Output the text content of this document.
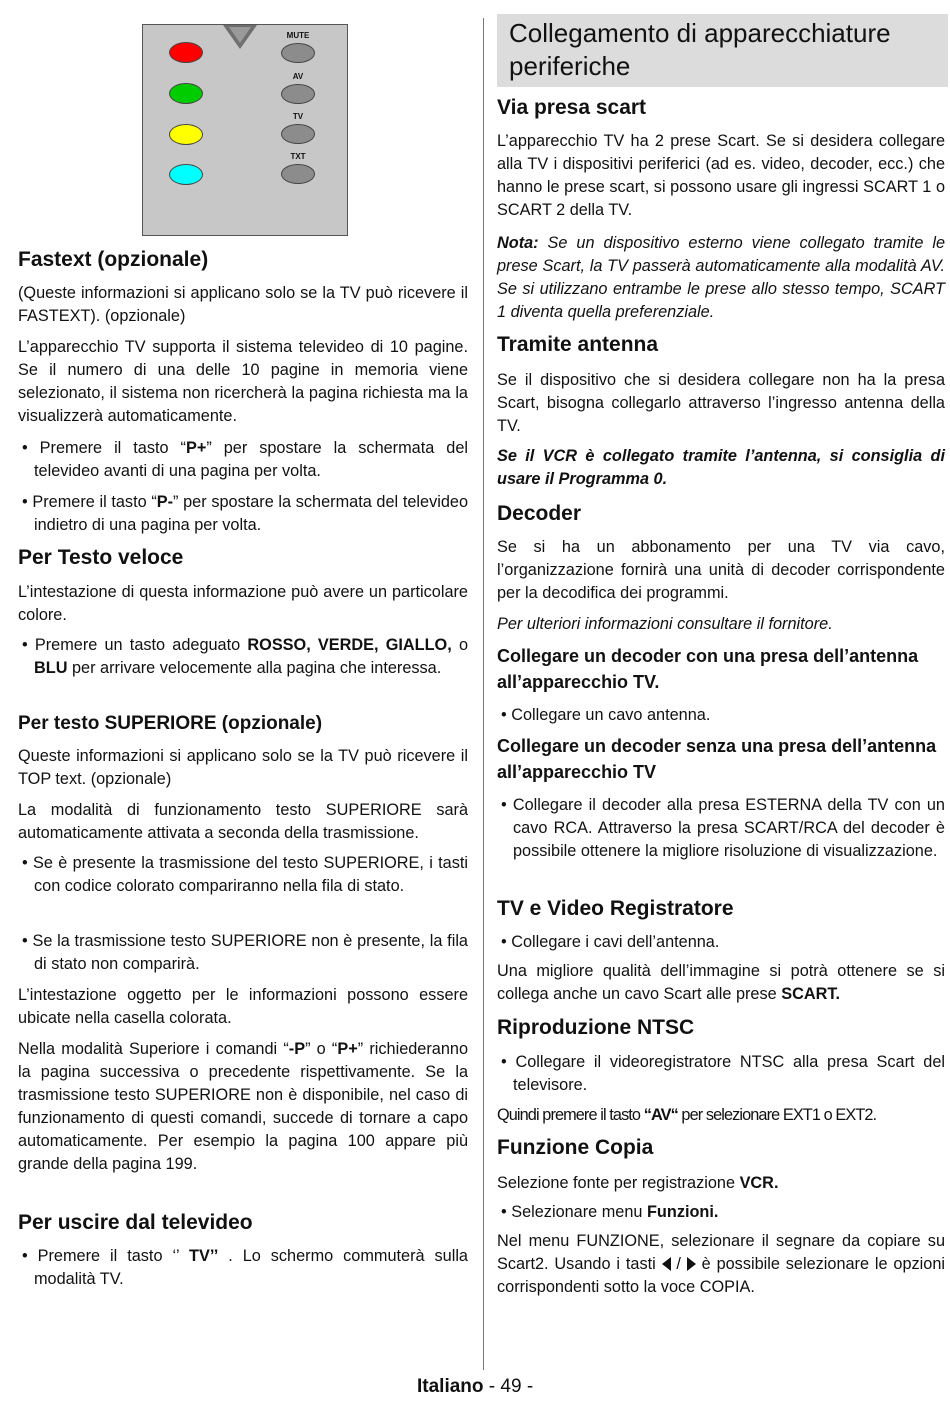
MUTE
AV
TV
TXT
Fastext (opzionale)
(Queste informazioni si applicano solo se la TV può ricevere il FASTEXT). (opzionale)
L’apparecchio TV supporta il sistema televideo di 10 pagine. Se il numero di una delle 10 pagine in memoria viene selezionato, il sistema non ricercherà la pagina richiesta ma la visualizzerà automaticamente.
• Premere il tasto “P+” per spostare la schermata del televideo avanti di una pagina per volta.
• Premere il tasto “P-” per spostare la schermata del televideo indietro di una pagina per volta.
Per Testo veloce
L’intestazione di questa informazione può avere un particolare colore.
• Premere un tasto adeguato ROSSO, VERDE, GIALLO, o BLU per arrivare velocemente alla pagina che interessa.
Per testo SUPERIORE (opzionale)
Queste informazioni si applicano solo se la TV può ricevere il TOP text. (opzionale)
La modalità di funzionamento testo SUPERIORE sarà automaticamente attivata a seconda della trasmissione.
• Se è presente la trasmissione del testo SUPERIORE, i tasti con codice colorato compariranno nella fila di stato.
• Se la trasmissione testo SUPERIORE non è presente, la fila di stato non comparirà.
L’intestazione oggetto per le informazioni possono essere ubicate nella casella colorata.
Nella modalità Superiore i comandi “-P” o “P+” richiederanno la pagina successiva o precedente rispettivamente. Se la trasmissione testo SUPERIORE non è disponibile, nel caso di funzionamento di questi comandi, succede di tornare a capo automaticamente. Per esempio la pagina 100 appare più grande della pagina 199.
Per uscire dal televideo
• Premere il tasto ‘’ TV’’ . Lo schermo commuterà sulla modalità TV.
Collegamento di apparecchiature periferiche
Via presa scart
L’apparecchio TV ha 2 prese Scart. Se si desidera collegare alla TV i dispositivi periferici (ad es. video, decoder, ecc.) che hanno le prese scart, si possono usare gli ingressi SCART 1 o SCART 2 della TV.
Nota: Se un dispositivo esterno viene collegato tramite le prese Scart, la TV passerà automaticamente alla modalità AV. Se si utilizzano entrambe le prese allo stesso tempo, SCART 1 diventa quella preferenziale.
Tramite antenna
Se il dispositivo che si desidera collegare non ha la presa Scart, bisogna collegarlo attraverso l’ingresso antenna della TV.
Se il VCR è collegato tramite l’antenna, si consiglia di usare il Programma 0.
Decoder
Se si ha un abbonamento per una TV via cavo, l’organizzazione fornirà una unità di decoder corrispondente per la decodifica dei programmi.
Per ulteriori informazioni consultare il fornitore.
Collegare un decoder con una presa dell’antenna all’apparecchio TV.
• Collegare un cavo antenna.
Collegare un decoder senza una presa dell’antenna all’apparecchio TV
• Collegare il decoder alla presa ESTERNA della TV con un cavo RCA. Attraverso la presa SCART/RCA del decoder è possibile ottenere la migliore risoluzione di visualizzazione.
TV e Video Registratore
• Collegare i cavi dell’antenna.
Una migliore qualità dell’immagine si potrà ottenere se si collega anche un cavo Scart alle prese SCART.
Riproduzione NTSC
• Collegare il videoregistratore NTSC alla presa Scart del televisore.
Quindi premere il tasto “AV“ per selezionare EXT1 o EXT2.
Funzione Copia
Selezione fonte per registrazione VCR.
• Selezionare menu Funzioni.
Nel menu FUNZIONE, selezionare il segnare da copiare su Scart2. Usando i tasti  /  è possibile selezionare le opzioni corrispondenti sotto la voce COPIA.
Italiano - 49 -
